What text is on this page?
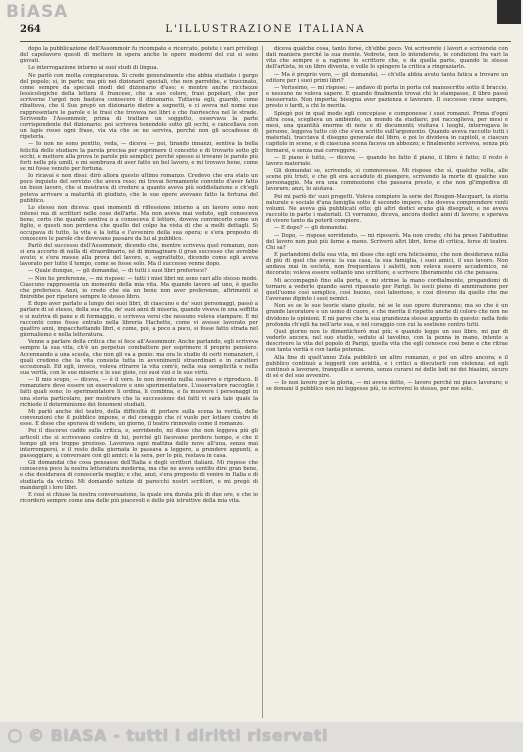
BiASA
264	L'ILLUSTRAZIONE ITALIANA

dopo la pubblicazione dell'Assommoir fu ricompato e ricercato, potete i vari privilegi del capolavoro questi di mettere in opera anche le opere moderni del cui si sono giovati.

Lo interrogazione intorno ai suoi studi di lingua.

Ne parlò con molta compiacenza. Si crede generalmente che abbia studiato i gergo del popolo; si, in parte; ma più nei dizionarii speciali, che non parrebbe, e trascinato, come sempre da speciali modi del dizionario d'uso; e mentre anche ricchezze lessicologiche della lettera il francese, che a suo colore, frasi popolari, che per scriverne l'argot non bastava conoscere il dizionario. Tuttavia egli, guardò, come ribatteva, che il Sue prepò un dizionario dietro a sognetti, e ci aveva nel nome suo rappresentare le parole e le frasi che trovava nei libri e che fuoriesciva nel le strade. Scrivendo l'Assommoir, prima di trattare un soggetto, osservava la parte corrispondente del dizionario; poi scriveva tenendolo sotto gli occhi, e cancellava con un lapis rosso ogni frase, via via che se ne serviva, perché non gli accadesse di ripeterla.

— Io non ne sono pentito, veda, — diceva — poi, tirando innanzi, sentiva la bella felicità dello studiare la parola precisa per esprimere il concetto e di trovarlo sotto gli occhi, e mettere alla prova le parole più semplici; perché spesso si trovano le parole più forti nelle più umili, e mi sembrava di aver fatto un bel lavoro, e mi trovavo bene, come se mi fosse venuto per fortuna.

Io ricavai e non dissi: dirò allora questo ultimo romanzo. Credevo che era stato un poco inquieto del servizio che aveva reso; mi trovai fermamente convinto d'aver fatto un buon lavoro, che si mostrava di credere a quanto aveva più soddisfazione e ch'egli poteva arrivare a maturità di giudizio, che le sue opere avevano fatto la fortuna del pubblico.

Lo stesso non diceva: quei momenti di riflessione intorno a un lavoro sono non intensi ma di scrittori nelle cose dell'arte. Ma non aveva mai veduto, egli conosceva bene, certo che quando sentiva o a conosceva il lettore, doveva convincerlo come un figlio, e questi non perdeva che quello del colpo ha vista di che a molti dettagli. Si occupava di tutto, la vita e la lotta e l'avvenire della sua opera; e s'era proposto di conoscere le parole che dovevano passare da lui al pubblico.

Parlò del successo dell'Assommoir, dicendo che, mentre scriveva quel romanzo, non si era accorto di nulla di straordinario, né di immaginare il gran successo che avrebbe avuto; e s'era messo alla prova del lavoro, e, soprattutto, dicendo come egli aveva lavorato per tutto il tempo, come se fosse solo. Ma il successo venne dopo.

— Quale dunque, — gli domandai, — di tutti i suoi libri preferisce?

— Non ho preferenze, — mi rispose: — tutti i miei libri mi sono cari allo stesso modo. Ciascuno rappresenta un momento della mia vita. Ma quando lavoro ad uno, è quello che preferisco. Anzi, io credo che sia un bene non aver preferenze, altrimenti si finirebbe per ripetere sempre lo stesso libro.

E dopo aver parlato a lungo dei suoi libri, di ciascuno e de' suoi personaggi, passò a parlare di sé stesso, della sua vita, de' suoi anni di miseria, quando viveva in una soffitta e si nutriva di pane e di formaggio, e scriveva versi che nessuno voleva stampare. E mi raccontò come fosse entrato nella libreria Hachette, come vi avesse lavorato per quattro anni, impacchettando libri, e come, poi, a poco a poco, si fosse fatto strada nel giornalismo e nella letteratura.

Venne a parlare della critica che si fece all'Assommoir. Anche parlando, egli scriveva sempre la sua vita, ch'è un perpetuo combattere per esprimere il proprio pensiero. Accennando a una scuola, che non gli va a genio: ma ora lo studio di certi romanzieri, i quali credono che la vita consista tutta in avvenimenti straordinari e in caratteri eccezionali. Ed egli, invece, voleva ritrarre la vita com'è, nella sua semplicità e nella sua verità, con le sue miserie e le sue gioie, coi suoi vizi e le sue virtù.

— Il mio scopo, — diceva, — è il vero. Io non invento nulla; osservo e riproduco. Il romanziere deve essere un osservatore e uno sperimentatore. L'osservatore raccoglie i fatti quali sono; lo sperimentatore li ordina, li combina, e fa muovere i personaggi in una storia particolare, per mostrare che la successione dei fatti vi sarà tale quale la richiede il determinismo dei fenomeni studiati.

Mi parlò anche del teatro, della difficoltà di portare sulla scena la verità, delle convenzioni che il pubblico impone, e del coraggio che ci vuole per lottare contro di esse. E disse che sperava di vedere, un giorno, il teatro rinnovato come il romanzo.

Poi il discorso cadde sulla critica, e, sorridendo, mi disse che non leggeva più gli articoli che si scrivevano contro di lui, perché gli facevano perdere tempo, e che il tempo gli era troppo prezioso. Lavorava ogni mattina dalle nove all'una, senza mai interrompersi, e il resto della giornata lo passava a leggere, a prendere appunti, a passeggiare, a conversare con gli amici; e la sera, per lo più, restava in casa.

Gli domandai che cosa pensasse dell'Italia e degli scrittori italiani. Mi rispose che conosceva poco la nostra letteratura moderna, ma che ne aveva sentito dire gran bene, e che desiderava di conoscerla meglio; e che, anzi, s'era proposto di venire in Italia e di studiarla da vicino. Mi domandò notizie di parecchi nostri scrittori, e mi pregò di mandargli i loro libri.

E così si chiuse la nostra conversazione, la quale era durata più di due ore, e che io ricorderò sempre come una delle più piacevoli e delle più istruttive della mia vita.

diceva qualche cosa, tanto forse, ch'ebbe poco. Voi scriverete i lavori e scriverete con dati maniera perché la sua mente. Vedrete, non lo intenderete, le condizioni fra vari la vita che sempre e a ragione lo scrittore che, e da quella parte, quando le stesse dell'artista, in un libro diventa, e volle lo spingere la critica a ringraziarlo.

— Ma è proprio vero, — gli domandai, — ch'ella abbia avuto tanta fatica a trovare un editore per i suoi primi libri?

— Verissimo, — mi rispose; — andavo di porta in porta col manoscritto sotto il braccio, e nessuno ne voleva sapere. E quando finalmente trovai chi lo stampasse, il libro passò inosservato. Non importa; bisogna aver pazienza e lavorare. Il successo viene sempre, presto o tardi, a chi lo merita.

Spiegò poi in qual modo egli concepisse e componesse i suoi romanzi. Prima d'ogni altra cosa, sceglieva un ambiente, un mondo da studiare; poi raccoglieva, per mesi e mesi, una quantità enorme di note e di documenti; visitava i luoghi, interrogava le persone, leggeva tutto ciò che s'era scritto sull'argomento. Quando aveva raccolto tutti i materiali, tracciava il disegno generale del libro, e poi lo divideva in capitoli, e ciascun capitolo in scene, e di ciascuna scena faceva un abbozzo; e finalmente scriveva, senza più fermarsi, e senza mai correggere.

— Il piano è tutto, — diceva; — quando ho fatto il piano, il libro è fatto; il resto è lavoro materiale.

Gli domandai se, scrivendo, si commovesse. Mi rispose che sì, qualche volta, alle scene più tristi, e che gli era accaduto di piangere, scrivendo la morte di qualche suo personaggio. Ma era una commozione che passava presto, e che non gl'impediva di lavorare; anzi, lo aiutava.

Poi mi parlò de' suoi progetti. Voleva compiere la serie dei Rougon-Macquart, la storia naturale e sociale d'una famiglia sotto il secondo impero, che doveva comprendere venti volumi. Ne aveva già pubblicati otto; gli altri dodici erano già disegnati, e ne aveva raccolto in parte i materiali. Ci vorranno, diceva, ancora dodici anni di lavoro; e sperava di vivere tanto da poterli compiere.

— E dopo? — gli domandai.

— Dopo, — rispose sorridendo, — mi riposerò. Ma non credo; chi ha preso l'abitudine del lavoro non può più farne a meno. Scriverò altri libri, forse di critica, forse di teatro. Chi sa?

E parlandomi della sua vita, mi disse che egli era felicissimo, che non desiderava nulla di più di quel che aveva: la sua casa, la sua famiglia, i suoi amici, il suo lavoro. Non andava mai in società, non frequentava i salotti, non voleva essere accademico, né decorato; voleva essere soltanto uno scrittore, e scrivere liberamente ciò che pensava.

Mi accompagnò fino alla porta, e mi strinse la mano cordialmente, pregandomi di tornare a vederlo quando sarei ripassato per Parigi. Io uscii pieno di ammirazione per quell'uomo così semplice, così buono, così laborioso, e così diverso da quello che me l'avevano dipinto i suoi nemici.

Non so se le sue teorie siano giuste, né se le sue opere dureranno; ma so che è un grande lavoratore e un uomo di cuore, e che merita il rispetto anche di coloro che non ne dividono le opinioni. E mi parve che la sua grandezza stesse appunto in questo: nella fede profonda ch'egli ha nell'arte sua, e nel coraggio con cui la sostiene contro tutti.

Quel giorno non lo dimenticherò mai più; e quando leggo un suo libro, mi par di vederlo ancora, nel suo studio, seduto al tavolino, con la penna in mano, intento a descrivere la vita del popolo di Parigi, quella vita che egli conosce così bene e che ritrae con tanta verità e con tanta potenza.

Alla fine di quell'anno Zola pubblicò un altro romanzo, e poi un altro ancora; e il pubblico continuò a leggerli con avidità, e i critici a discuterli con violenza; ed egli continuò a lavorare, tranquillo e sereno, senza curarsi né delle lodi né dei biasimi, sicuro di sé e del suo avvenire.

— Io non lavoro per la gloria, — mi aveva detto, — lavoro perché mi piace lavorare; e se domani il pubblico non mi leggesse più, io scriverei lo stesso, per me solo.

© BiASA - tutti i diritti riservati
